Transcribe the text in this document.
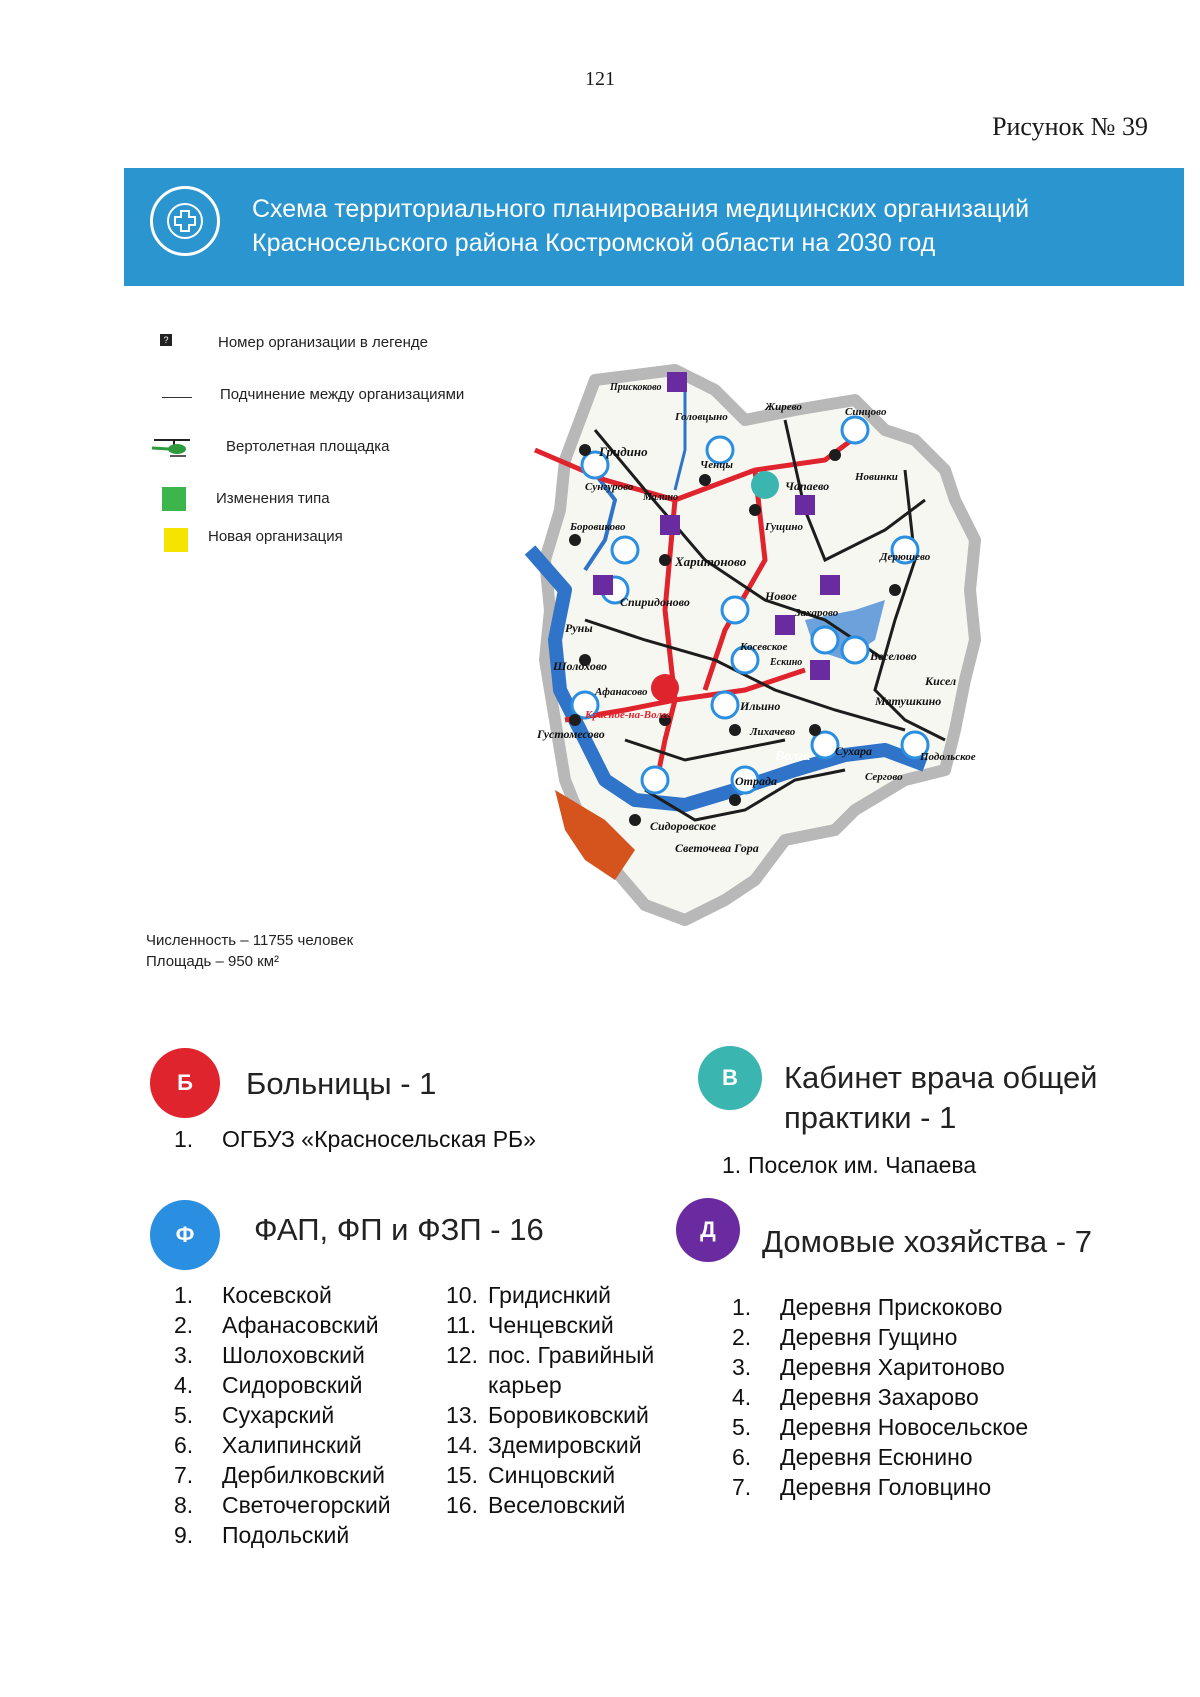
121
Рисунок № 39
Схема территориального планирования медицинских организаций
Красносельского района Костромской области на 2030 год
?	Номер организации в легенде
Подчинение между организациями
Вертолетная площадка
Изменения типа
Новая организация
Численность – 11755 человек
Площадь – 950 км²
Гридино
Харитоново
Спиридоново	Новое
Руны
Шолохово
Красное-на-Волге
Густомесово
Отрада
Сидоровское
Светочева Гора
Боровиково
Ильино
Веселово
Кисел
Матушкино
Сухара
Чапаево
Головцыно
Новинки
Сунгурово
Жирево	Синцово
Дерюшево
Сергово
Подольское
Прискоково
Малино
Гущино
Захарово
Косевское
Ченцы
Лихачево
Афанасово
Ескино
Волга
Б	Больницы - 1
1.	ОГБУЗ «Красносельская РБ»
В	Кабинет врача общей
практики - 1
1. Поселок им. Чапаева
Ф	ФАП, ФП и ФЗП - 16
1.	Косевской
2.	Афанасовский
3.	Шолоховский
4.	Сидоровский
5.	Сухарский
6.	Халипинский
7.	Дербилковский
8.	Светочегорский
9.	Подольский
10. Гридиснкий
11. Ченцевский
12. пос. Гравийный карьер
13. Боровиковский
14. Здемировский
15. Синцовский
16. Веселовский
Д	Домовые хозяйства - 7
1.	Деревня Прискоково
2.	Деревня Гущино
3.	Деревня Харитоново
4.	Деревня Захарово
5.	Деревня Новосельское
6.	Деревня Есюнино
7.	Деревня Головцино
